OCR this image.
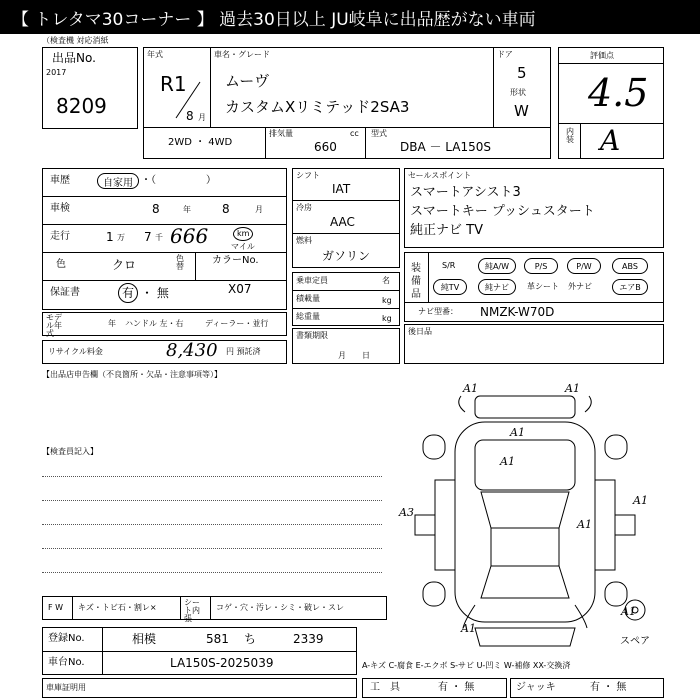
【 トレタマ30コーナー 】 過去30日以上 JU岐阜に出品歴がない車両
（検査機 対応消紙
出品No.
2017
8209
年式
R1
8 月
車名・グレード
ムーヴ
カスタムXリミテッド2SA3
ドア
5
形状
W
2WD ・ 4WD
排気量	cc
660
型式
DBA － LA150S
評価点
4.5
内装 A
車歴	自家用 ・（　　　　　）
車検	8	年	8	月
走行	1 万 7 千 666	km
マイル
色	クロ	色替
カラーNo.
X07
保証書	有 ・ 無
モデル年式
年 ハンドル 左・右	ディーラー・並行
リサイクル料金	8,430 円 預託済
シフト
IAT
冷房
AAC
燃料
ガソリン
乗車定員	名
積載量	kg
総重量	kg
書類期限
月　　日
セールスポイント
スマートアシスト3
スマートキー プッシュスタート
純正ナビ TV
装備品
S/R	純A/W	P/S	P/W	ABS
純TV	純ナビ	革シート 外ナビ	エアB
ナビ型番： NMZK-W70D
後日品
【出品店申告欄（不良箇所・欠品・注意事項等）】
【検査員記入】
A1	A1
A1
A1
A1
A3
A1
A1
A1
スペア
F W キズ・トビ石・割レ×
シート内張
コゲ・穴・汚レ・シミ・破レ・スレ
登録No.	相模	581 ち	2339
車台No.	LA150S-2025039	A-キズ C-腐食 E-エクボ S-サビ U-凹ミ W-補修 XX-交換済
車庫証明用	工　具	有 ・ 無	ジャッキ	有 ・ 無
